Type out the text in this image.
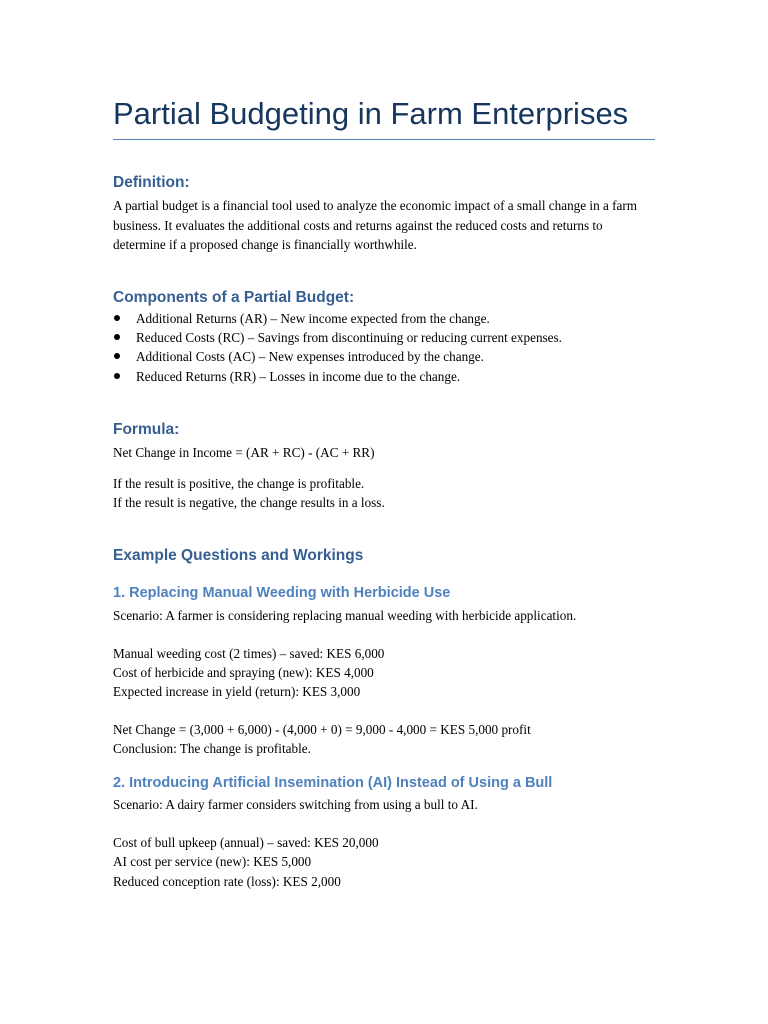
Partial Budgeting in Farm Enterprises
Definition:

A partial budget is a financial tool used to analyze the economic impact of a small change in a farm business. It evaluates the additional costs and returns against the reduced costs and returns to determine if a proposed change is financially worthwhile.

Components of a Partial Budget:
Additional Returns (AR) – New income expected from the change.
Reduced Costs (RC) – Savings from discontinuing or reducing current expenses.
Additional Costs (AC) – New expenses introduced by the change.
Reduced Returns (RR) – Losses in income due to the change.
Formula:

Net Change in Income = (AR + RC) - (AC + RR)

If the result is positive, the change is profitable.

If the result is negative, the change results in a loss.

Example Questions and Workings
1. Replacing Manual Weeding with Herbicide Use

Scenario: A farmer is considering replacing manual weeding with herbicide application.

Manual weeding cost (2 times) – saved: KES 6,000

Cost of herbicide and spraying (new): KES 4,000

Expected increase in yield (return): KES 3,000

Net Change = (3,000 + 6,000) - (4,000 + 0) = 9,000 - 4,000 = KES 5,000 profit

Conclusion: The change is profitable.

2. Introducing Artificial Insemination (AI) Instead of Using a Bull

Scenario: A dairy farmer considers switching from using a bull to AI.

Cost of bull upkeep (annual) – saved: KES 20,000

AI cost per service (new): KES 5,000

Reduced conception rate (loss): KES 2,000
